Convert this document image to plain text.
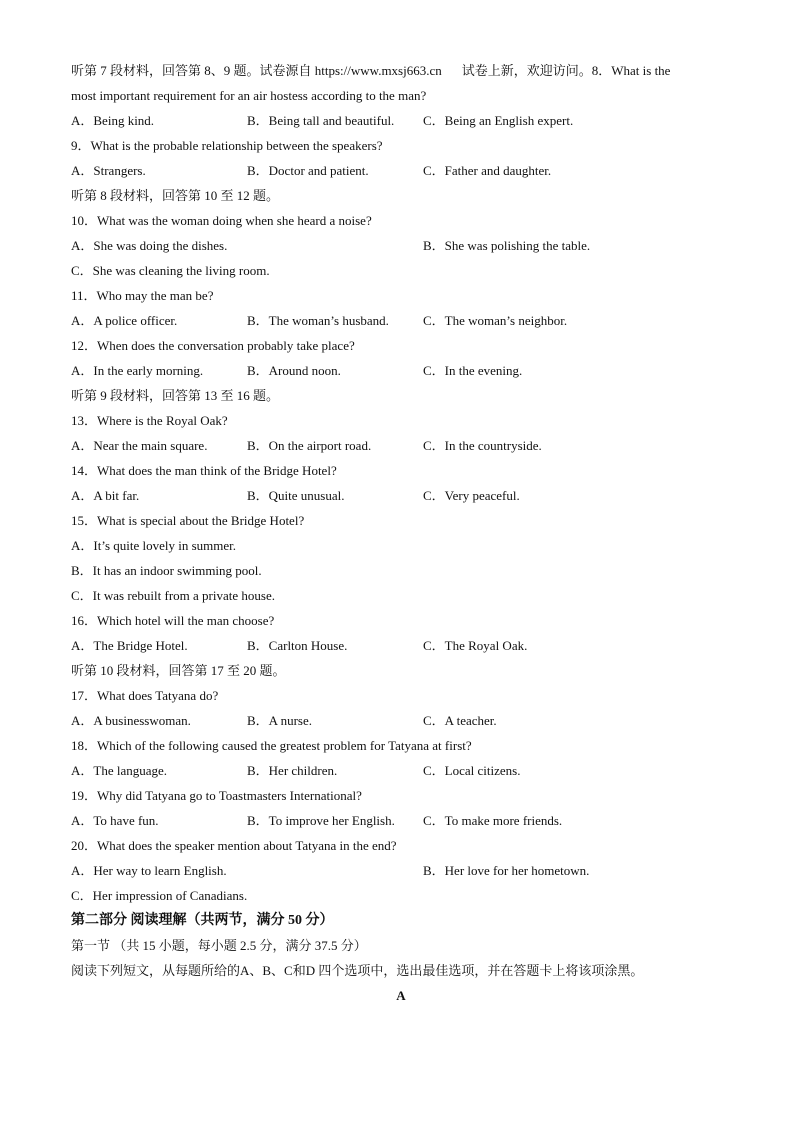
听第 7 段材料，回答第 8、9 题。试卷源自 https://www.mxsj663.cn 试卷上新，欢迎访问。8．What is the
most important requirement for an air hostess according to the man?
A．Being kind.	B．Being tall and beautiful. C．Being an English expert.
9．What is the probable relationship between the speakers?
A．Strangers.	B．Doctor and patient.	C．Father and daughter.
听第 8 段材料，回答第 10 至 12 题。
10．What was the woman doing when she heard a noise?
A．She was doing the dishes.	B．She was polishing the table.
C．She was cleaning the living room.
11．Who may the man be?
A．A police officer.	B．The woman’s husband.	C．The woman’s neighbor.
12．When does the conversation probably take place?
A．In the early morning.	B．Around noon.	C．In the evening.
听第 9 段材料，回答第 13 至 16 题。
13．Where is the Royal Oak?
A．Near the main square.	B．On the airport road.	C．In the countryside.
14．What does the man think of the Bridge Hotel?
A．A bit far.	B．Quite unusual.	C．Very peaceful.
15．What is special about the Bridge Hotel?
A．It’s quite lovely in summer.
B．It has an indoor swimming pool.
C．It was rebuilt from a private house.
16．Which hotel will the man choose?
A．The Bridge Hotel.	B．Carlton House.	C．The Royal Oak.
听第 10 段材料，回答第 17 至 20 题。
17．What does Tatyana do?
A．A businesswoman.	B．A nurse.	C．A teacher.
18．Which of the following caused the greatest problem for Tatyana at first?
A．The language.	B．Her children.	C．Local citizens.
19．Why did Tatyana go to Toastmasters International?
A．To have fun.	B．To improve her English. C．To make more friends.
20．What does the speaker mention about Tatyana in the end?
A．Her way to learn English.	B．Her love for her hometown.
C．Her impression of Canadians.
第二部分 阅读理解（共两节，满分 50 分）
第一节 （共 15 小题，每小题 2.5 分，满分 37.5 分）
阅读下列短文，从每题所给的A、B、C和D 四个选项中，选出最佳选项，并在答题卡上将该项涂黑。
A
